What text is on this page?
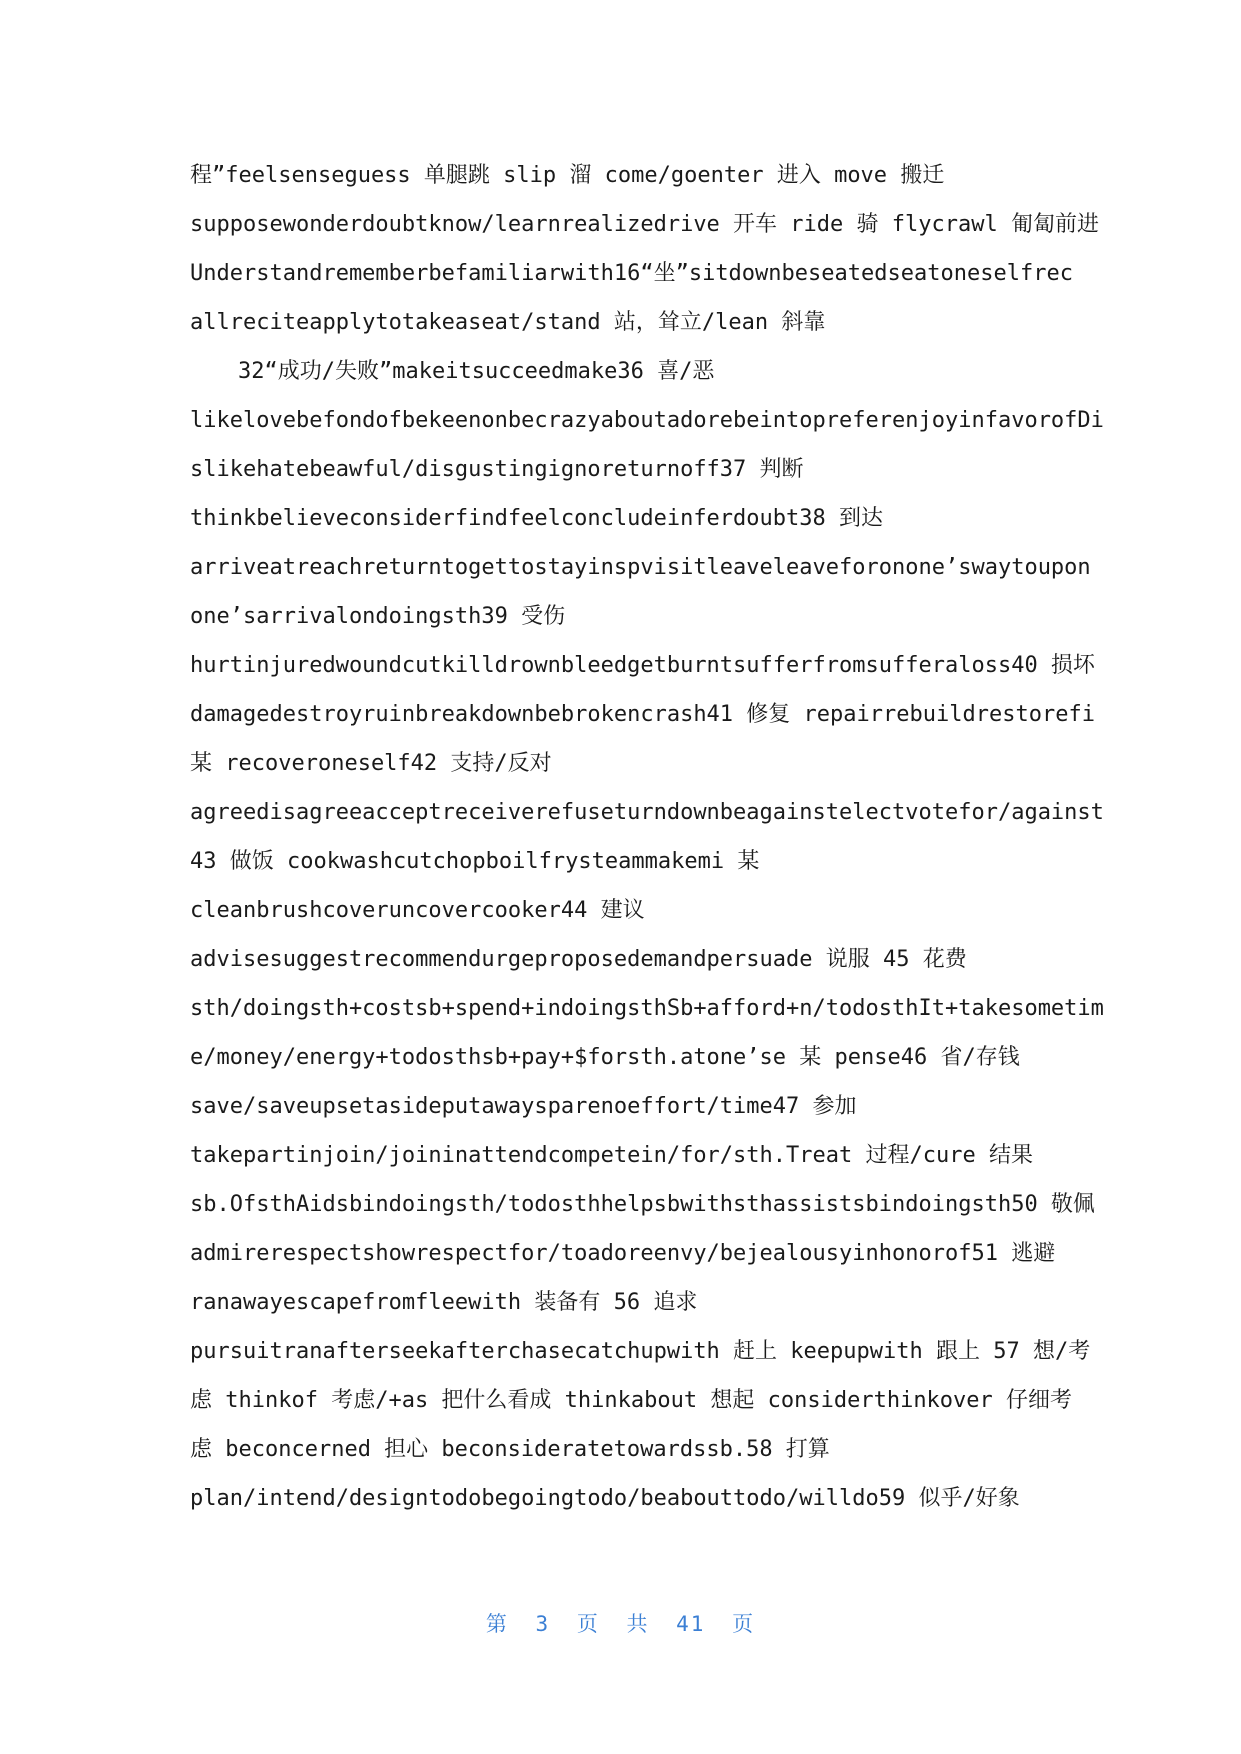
程”feelsenseguess 单腿跳 slip 溜 come/goenter 进入 move 搬迁
supposewonderdoubtknow/learnrealizedrive 开车 ride 骑 flycrawl 匍匐前进
Understandrememberbefamiliarwith16“坐”sitdownbeseatedseatoneselfrec
allreciteapplytotakeaseat/stand 站，耸立/lean 斜靠
32“成功/失败”makeitsucceedmake36 喜/恶
likelovebefondofbekeenonbecrazyaboutadorebeintopreferenjoyinfavorofDi
slikehatebeawful/disgustingignoreturnoff37 判断
thinkbelieveconsiderfindfeelconcludeinferdoubt38 到达
arriveatreachreturntogettostayinspvisitleaveleaveforonone’swaytoupon
one’sarrivalondoingsth39 受伤
hurtinjuredwoundcutkilldrownbleedgetburntsufferfromsufferaloss40 损坏
damagedestroyruinbreakdownbebrokencrash41 修复 repairrebuildrestorefi
某 recoveroneself42 支持/反对
agreedisagreeacceptreceiverefuseturndownbeagainstelectvotefor/against
43 做饭 cookwashcutchopboilfrysteammakemi 某
cleanbrushcoveruncovercooker44 建议
advisesuggestrecommendurgeproposedemandpersuade 说服 45 花费
sth/doingsth+costsb+spend+indoingsthSb+afford+n/todosthIt+takesometim
e/money/energy+todosthsb+pay+$forsth.atone’se 某 pense46 省/存钱
save/saveupsetasideputawaysparenoeffort/time47 参加
takepartinjoin/joininattendcompetein/for/sth.Treat 过程/cure 结果
sb.OfsthAidsbindoingsth/todosthhelpsbwithsthassistsbindoingsth50 敬佩
admirerespectshowrespectfor/toadoreenvy/bejealousyinhonorof51 逃避
ranawayescapefromfleewith 装备有 56 追求
pursuitranafterseekafterchasecatchupwith 赶上 keepupwith 跟上 57 想/考
虑 thinkof 考虑/+as 把什么看成 thinkabout 想起 considerthinkover 仔细考
虑 beconcerned 担心 beconsideratetowardssb.58 打算
plan/intend/designtodobegoingtodo/beabouttodo/willdo59 似乎/好象
第 3 页 共 41 页
